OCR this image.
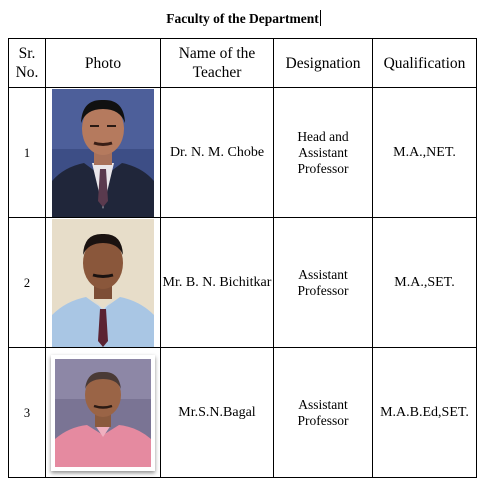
Faculty of the Department
Sr. No.	Photo	Name of the Teacher	Designation	Qualification
1		Dr. N. M. Chobe	Head and Assistant Professor	M.A.,NET.
2		Mr. B. N. Bichitkar	Assistant Professor	M.A.,SET.
3		Mr.S.N.Bagal	Assistant Professor	M.A.B.Ed,SET.
